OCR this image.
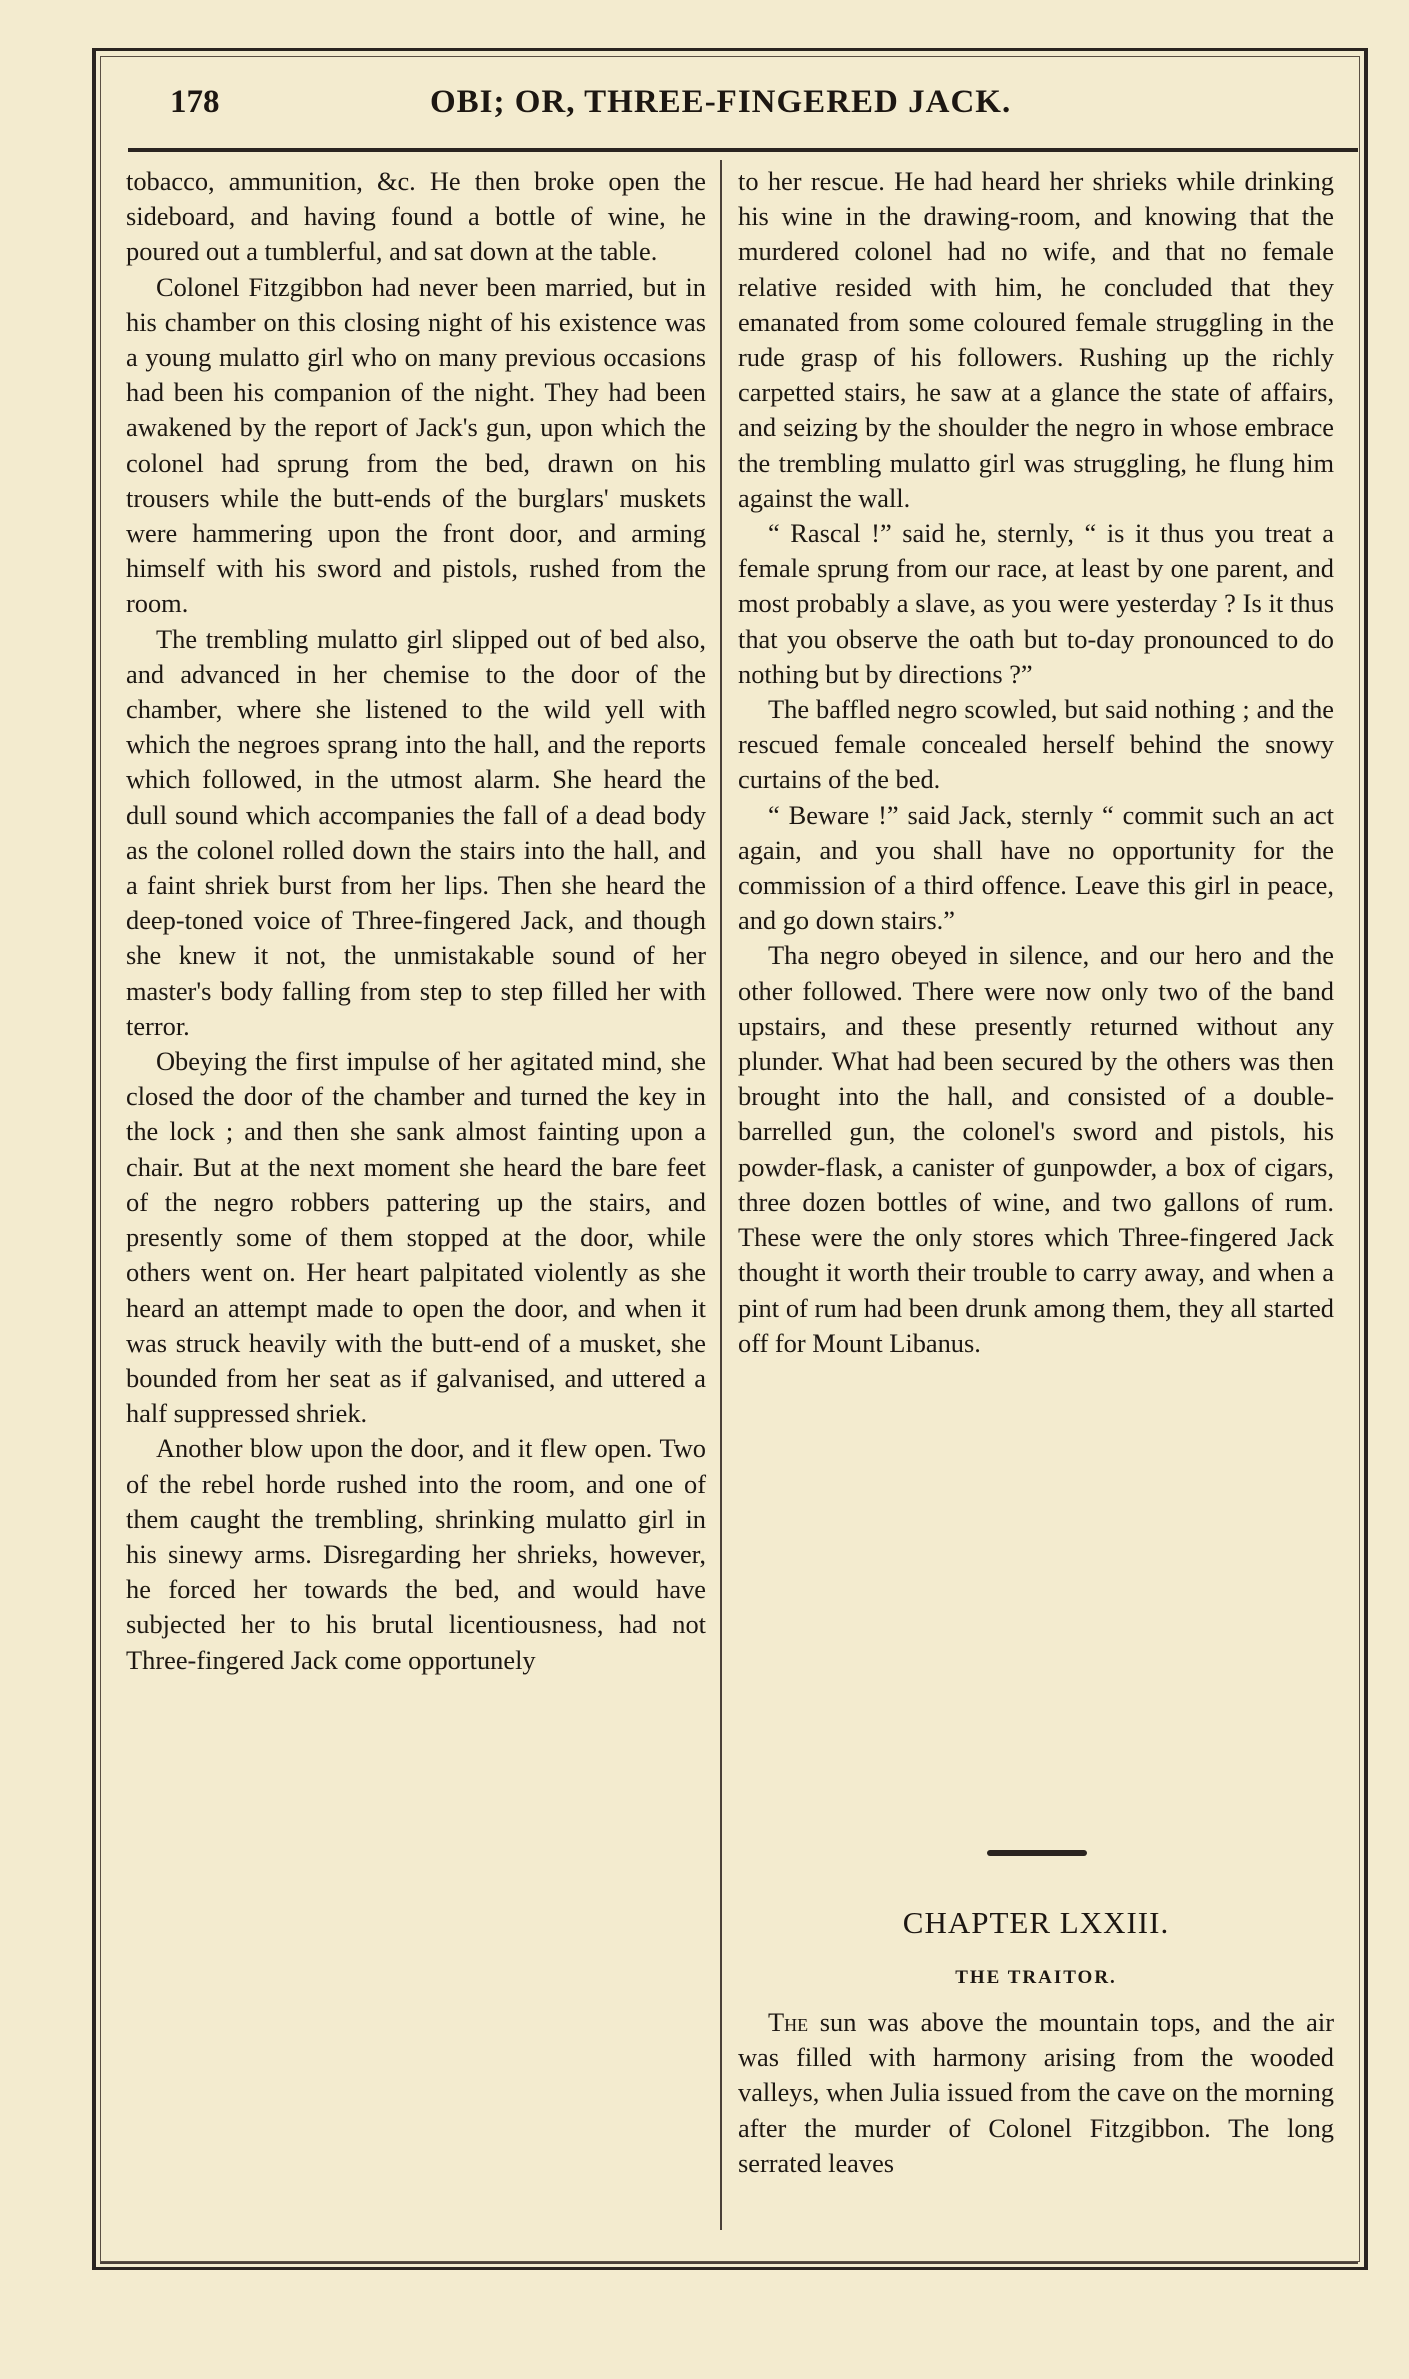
178	OBI; OR, THREE-FINGERED JACK.

tobacco, ammunition, &c. He then broke open the sideboard, and having found a bottle of wine, he poured out a tumblerful, and sat down at the table.

Colonel Fitzgibbon had never been married, but in his chamber on this closing night of his existence was a young mulatto girl who on many previous occasions had been his companion of the night. They had been awakened by the report of Jack's gun, upon which the colonel had sprung from the bed, drawn on his trousers while the butt-ends of the burglars' muskets were hammering upon the front door, and arming himself with his sword and pistols, rushed from the room.

The trembling mulatto girl slipped out of bed also, and advanced in her chemise to the door of the chamber, where she listened to the wild yell with which the negroes sprang into the hall, and the reports which followed, in the utmost alarm. She heard the dull sound which accompanies the fall of a dead body as the colonel rolled down the stairs into the hall, and a faint shriek burst from her lips. Then she heard the deep-toned voice of Three-fingered Jack, and though she knew it not, the unmistakable sound of her master's body falling from step to step filled her with terror.

Obeying the first impulse of her agitated mind, she closed the door of the chamber and turned the key in the lock ; and then she sank almost fainting upon a chair. But at the next moment she heard the bare feet of the negro robbers pattering up the stairs, and presently some of them stopped at the door, while others went on. Her heart palpitated violently as she heard an attempt made to open the door, and when it was struck heavily with the butt-end of a musket, she bounded from her seat as if galvanised, and uttered a half suppressed shriek.

Another blow upon the door, and it flew open. Two of the rebel horde rushed into the room, and one of them caught the trembling, shrinking mulatto girl in his sinewy arms. Disregarding her shrieks, however, he forced her towards the bed, and would have subjected her to his brutal licentiousness, had not Three-fingered Jack come opportunely

to her rescue. He had heard her shrieks while drinking his wine in the drawing-room, and knowing that the murdered colonel had no wife, and that no female relative resided with him, he concluded that they emanated from some coloured female struggling in the rude grasp of his followers. Rushing up the richly carpetted stairs, he saw at a glance the state of affairs, and seizing by the shoulder the negro in whose embrace the trembling mulatto girl was struggling, he flung him against the wall.

“ Rascal !” said he, sternly, “ is it thus you treat a female sprung from our race, at least by one parent, and most probably a slave, as you were yesterday ? Is it thus that you observe the oath but to-day pronounced to do nothing but by directions ?”

The baffled negro scowled, but said nothing ; and the rescued female concealed herself behind the snowy curtains of the bed.

“ Beware !” said Jack, sternly “ commit such an act again, and you shall have no opportunity for the commission of a third offence. Leave this girl in peace, and go down stairs.”

Tha negro obeyed in silence, and our hero and the other followed. There were now only two of the band upstairs, and these presently returned without any plunder. What had been secured by the others was then brought into the hall, and consisted of a double-barrelled gun, the colonel's sword and pistols, his powder-flask, a canister of gunpowder, a box of cigars, three dozen bottles of wine, and two gallons of rum. These were the only stores which Three-fingered Jack thought it worth their trouble to carry away, and when a pint of rum had been drunk among them, they all started off for Mount Libanus.

CHAPTER LXXIII.
THE TRAITOR.

The sun was above the mountain tops, and the air was filled with harmony arising from the wooded valleys, when Julia issued from the cave on the morning after the murder of Colonel Fitzgibbon. The long serrated leaves
